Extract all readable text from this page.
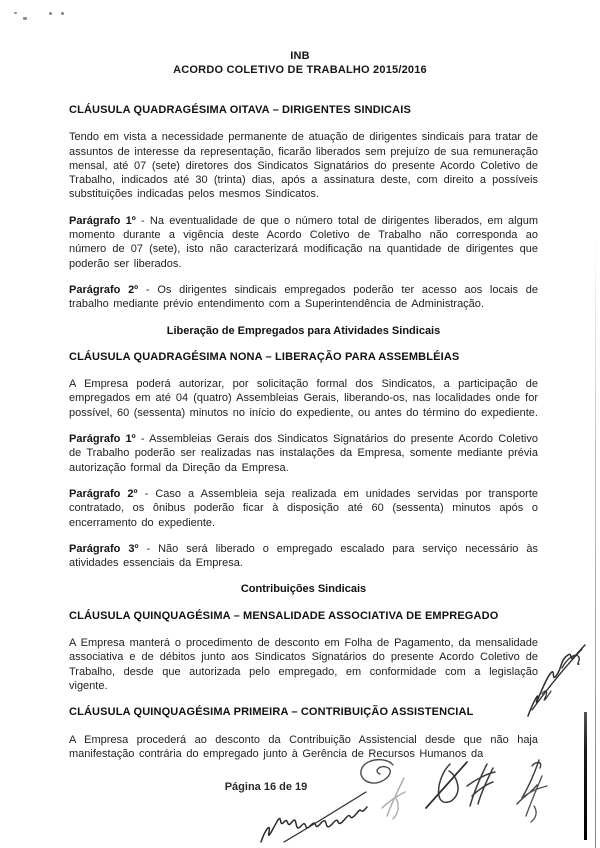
INB
ACORDO COLETIVO DE TRABALHO 2015/2016
CLÁUSULA QUADRAGÉSIMA OITAVA – DIRIGENTES SINDICAIS

Tendo em vista a necessidade permanente de atuação de dirigentes sindicais para tratar de assuntos de interesse da representação, ficarão liberados sem prejuízo de sua remuneração mensal, até 07 (sete) diretores dos Sindicatos Signatários do presente Acordo Coletivo de Trabalho, indicados até 30 (trinta) dias, após a assinatura deste, com direito a possíveis substituições indicadas pelos mesmos Sindicatos.

Parágrafo 1º - Na eventualidade de que o número total de dirigentes liberados, em algum momento durante a vigência deste Acordo Coletivo de Trabalho não corresponda ao número de 07 (sete), isto não caracterizará modificação na quantidade de dirigentes que poderão ser liberados.

Parágrafo 2º - Os dirigentes sindicais empregados poderão ter acesso aos locais de trabalho mediante prévio entendimento com a Superintendência de Administração.

Liberação de Empregados para Atividades Sindicais
CLÁUSULA QUADRAGÉSIMA NONA – LIBERAÇÃO PARA ASSEMBLÉIAS

A Empresa poderá autorizar, por solicitação formal dos Sindicatos, a participação de empregados em até 04 (quatro) Assembleias Gerais, liberando-os, nas localidades onde for possível, 60 (sessenta) minutos no início do expediente, ou antes do término do expediente.

Parágrafo 1º - Assembleias Gerais dos Sindicatos Signatários do presente Acordo Coletivo de Trabalho poderão ser realizadas nas instalações da Empresa, somente mediante prévia autorização formal da Direção da Empresa.

Parágrafo 2º - Caso a Assembleia seja realizada em unidades servidas por transporte contratado, os ônibus poderão ficar à disposição até 60 (sessenta) minutos após o encerramento do expediente.

Parágrafo 3º - Não será liberado o empregado escalado para serviço necessário às atividades essenciais da Empresa.

Contribuições Sindicais
CLÁUSULA QUINQUAGÉSIMA – MENSALIDADE ASSOCIATIVA DE EMPREGADO

A Empresa manterá o procedimento de desconto em Folha de Pagamento, da mensalidade associativa e de débitos junto aos Sindicatos Signatários do presente Acordo Coletivo de Trabalho, desde que autorizada pelo empregado, em conformidade com a legislação vigente.

CLÁUSULA QUINQUAGÉSIMA PRIMEIRA – CONTRIBUIÇÃO ASSISTENCIAL

A Empresa procederá ao desconto da Contribuição Assistencial desde que não haja manifestação contrária do empregado junto à Gerência de Recursos Humanos da

Página 16 de 19
